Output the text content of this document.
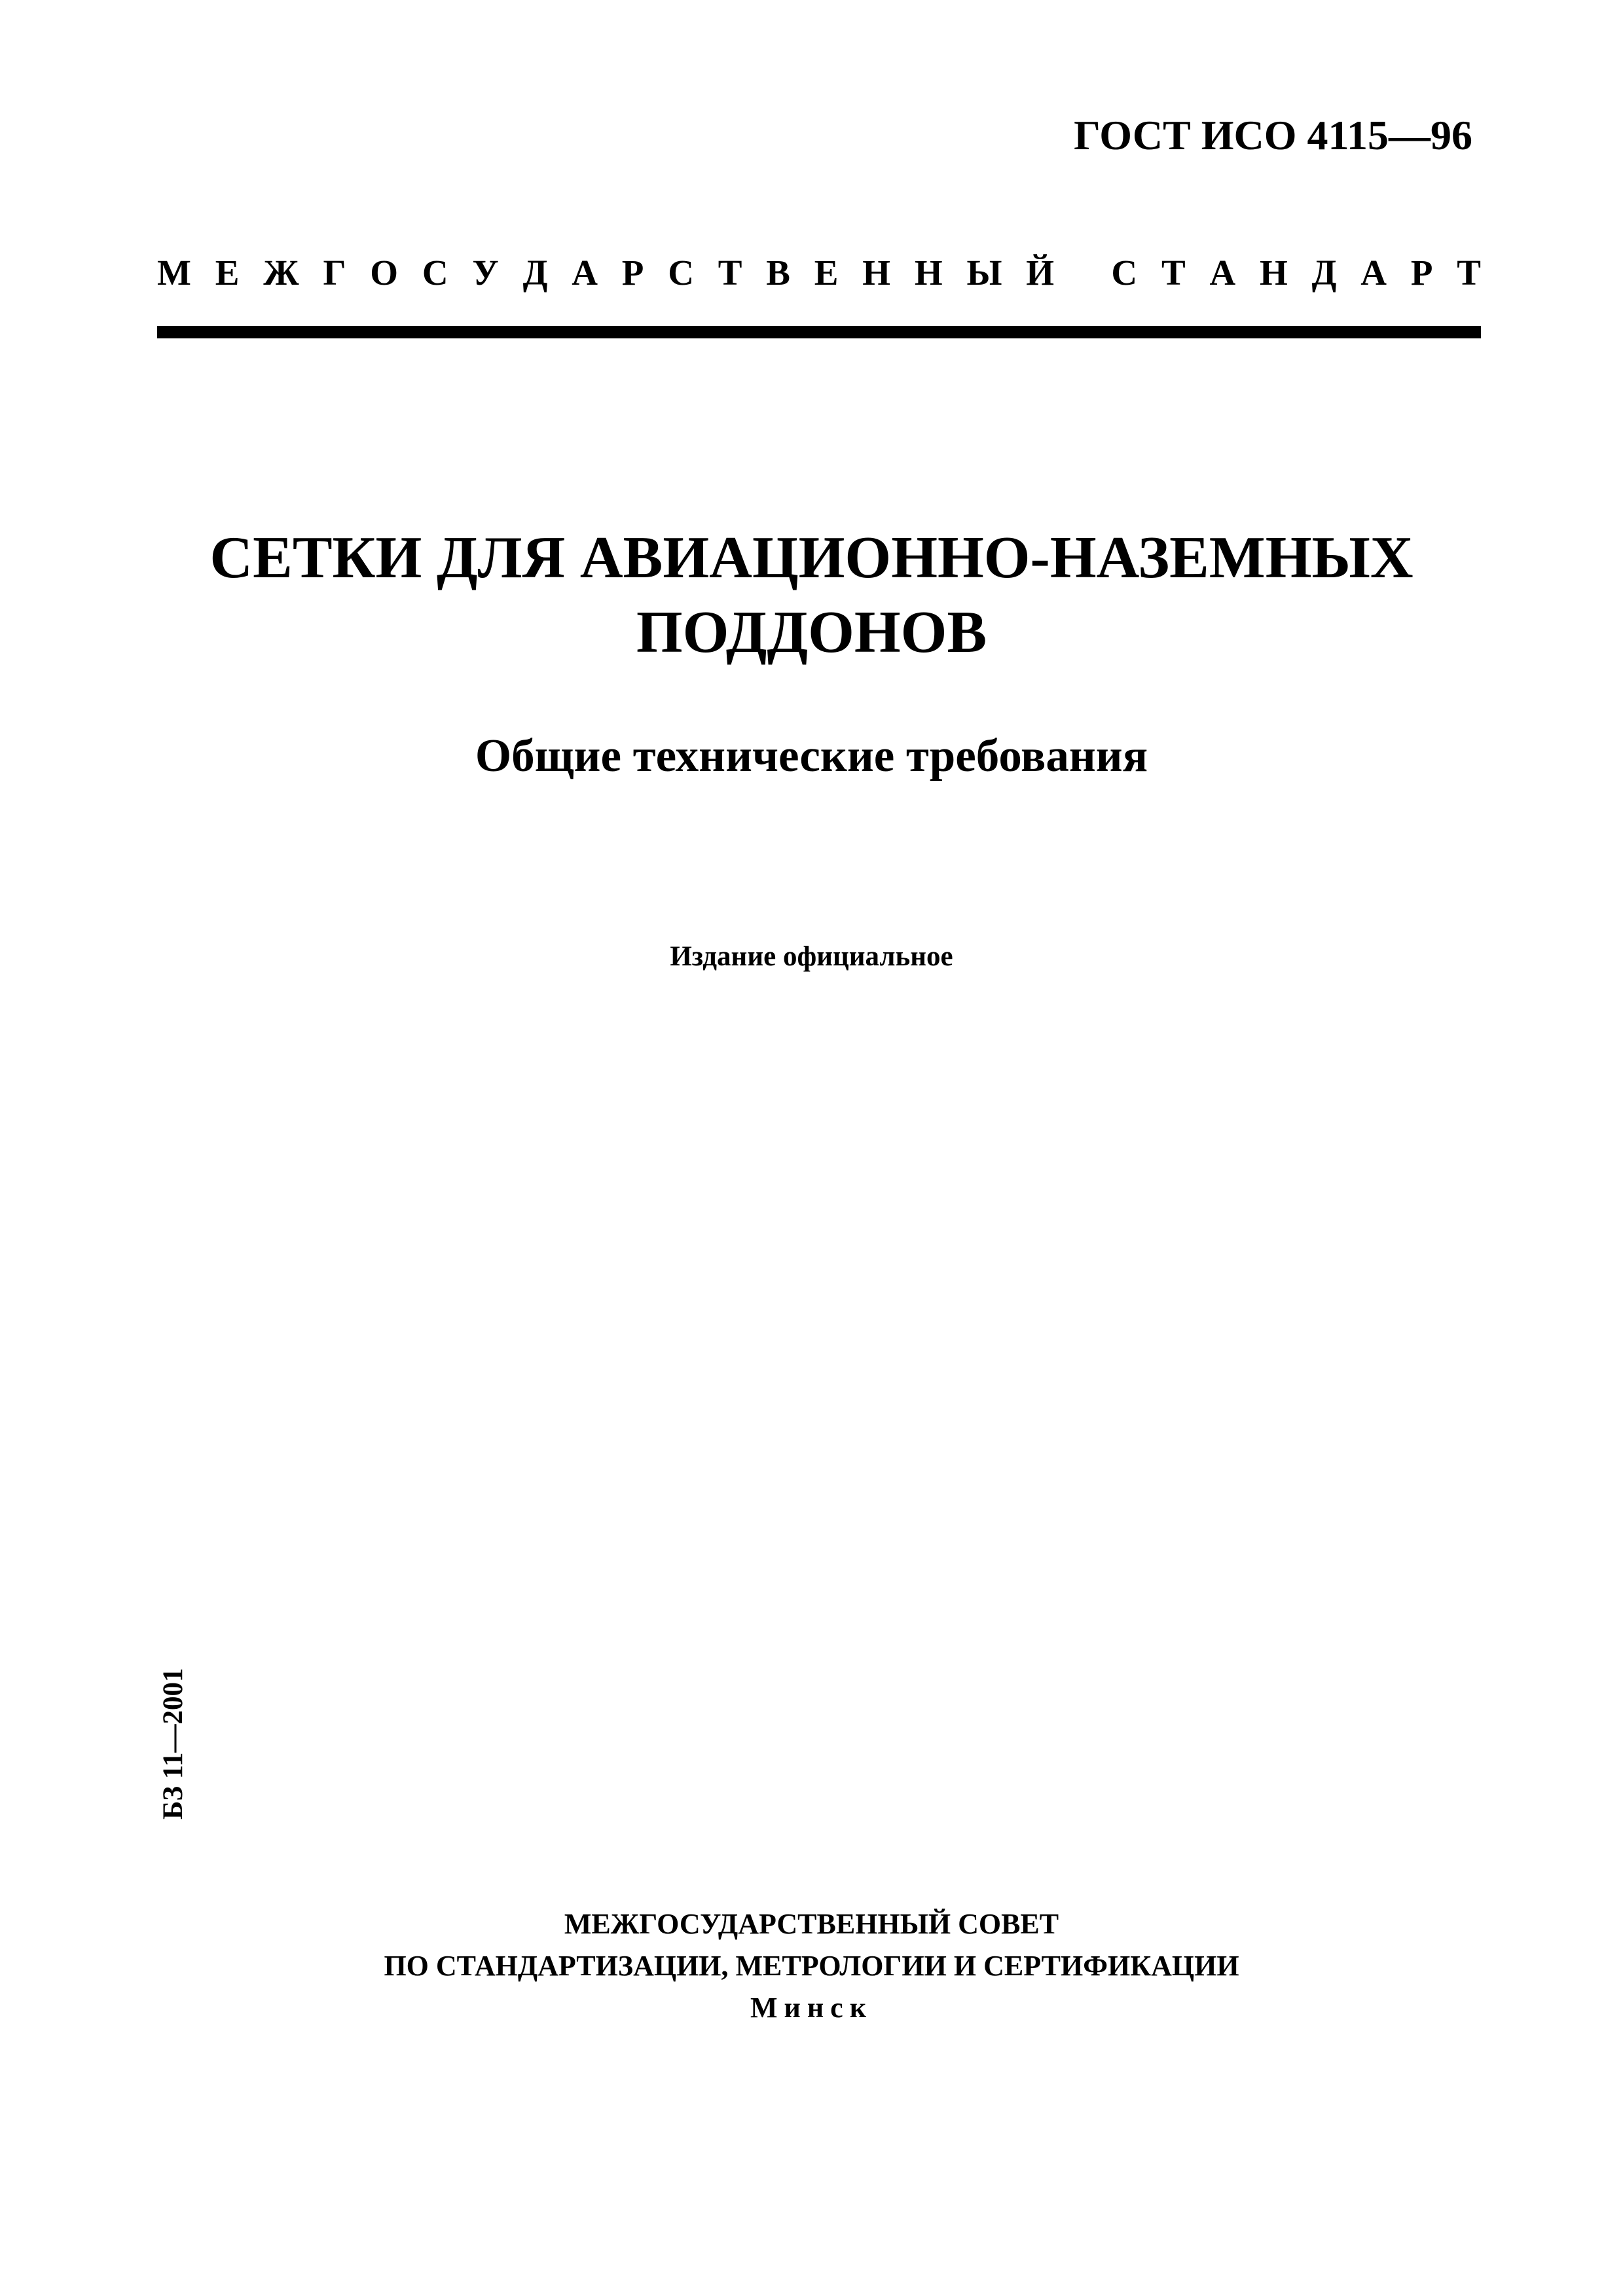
ГОСТ ИСО 4115—96
М Е Ж Г О С У Д А Р С Т В Е Н Н Ы Й
С Т А Н Д А Р Т
СЕТКИ ДЛЯ АВИАЦИОННО-НАЗЕМНЫХ
ПОДДОНОВ
Общие технические требования
Издание официальное
БЗ 11—2001
МЕЖГОСУДАРСТВЕННЫЙ СОВЕТ
ПО СТАНДАРТИЗАЦИИ, МЕТРОЛОГИИ И СЕРТИФИКАЦИИ
Минск
